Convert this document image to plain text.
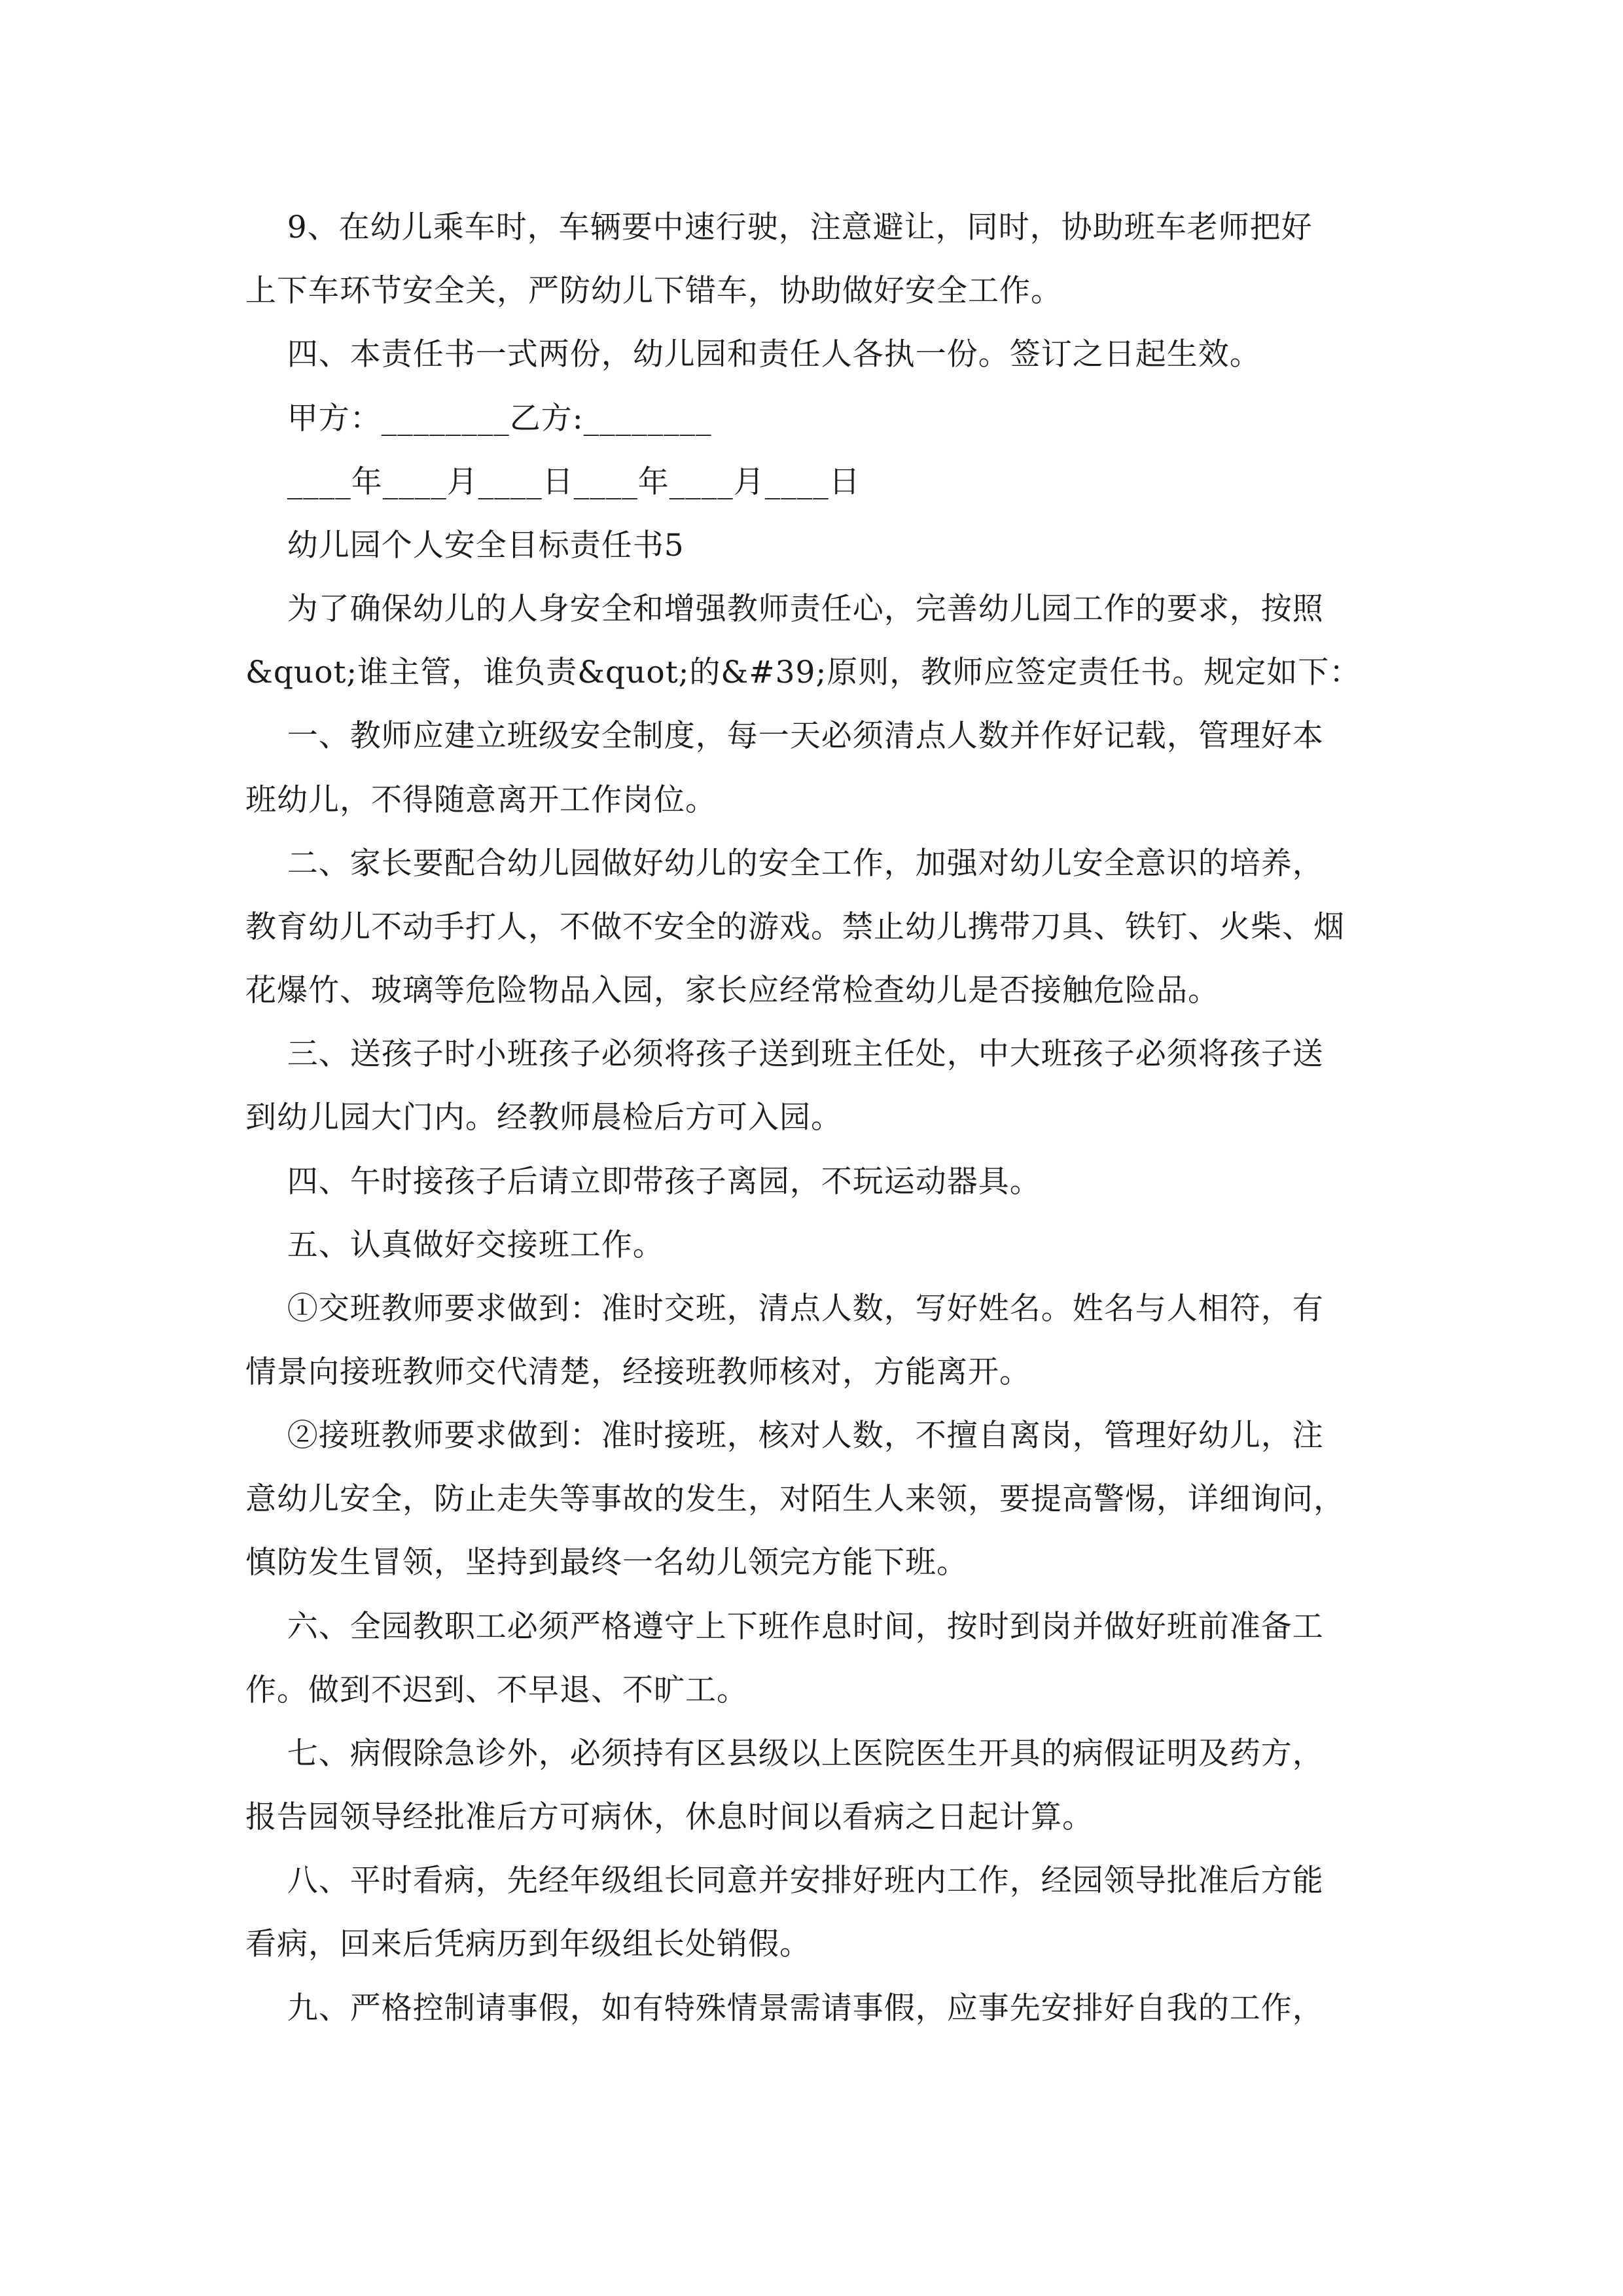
9、在幼儿乘车时，车辆要中速行驶，注意避让，同时，协助班车老师把好
上下车环节安全关，严防幼儿下错车，协助做好安全工作。
四、本责任书一式两份，幼儿园和责任人各执一份。签订之日起生效。
甲方：________乙方:________
____年____月____日____年____月____日
幼儿园个人安全目标责任书5
为了确保幼儿的人身安全和增强教师责任心，完善幼儿园工作的要求，按照
&quot;谁主管，谁负责&quot;的&#39;原则，教师应签定责任书。规定如下：
一、教师应建立班级安全制度，每一天必须清点人数并作好记载，管理好本
班幼儿，不得随意离开工作岗位。
二、家长要配合幼儿园做好幼儿的安全工作，加强对幼儿安全意识的培养，
教育幼儿不动手打人，不做不安全的游戏。禁止幼儿携带刀具、铁钉、火柴、烟
花爆竹、玻璃等危险物品入园，家长应经常检查幼儿是否接触危险品。
三、送孩子时小班孩子必须将孩子送到班主任处，中大班孩子必须将孩子送
到幼儿园大门内。经教师晨检后方可入园。
四、午时接孩子后请立即带孩子离园，不玩运动器具。
五、认真做好交接班工作。
①交班教师要求做到：准时交班，清点人数，写好姓名。姓名与人相符，有
情景向接班教师交代清楚，经接班教师核对，方能离开。
②接班教师要求做到：准时接班，核对人数，不擅自离岗，管理好幼儿，注
意幼儿安全，防止走失等事故的发生，对陌生人来领，要提高警惕，详细询问，
慎防发生冒领，坚持到最终一名幼儿领完方能下班。
六、全园教职工必须严格遵守上下班作息时间，按时到岗并做好班前准备工
作。做到不迟到、不早退、不旷工。
七、病假除急诊外，必须持有区县级以上医院医生开具的病假证明及药方，
报告园领导经批准后方可病休，休息时间以看病之日起计算。
八、平时看病，先经年级组长同意并安排好班内工作，经园领导批准后方能
看病，回来后凭病历到年级组长处销假。
九、严格控制请事假，如有特殊情景需请事假，应事先安排好自我的工作，
